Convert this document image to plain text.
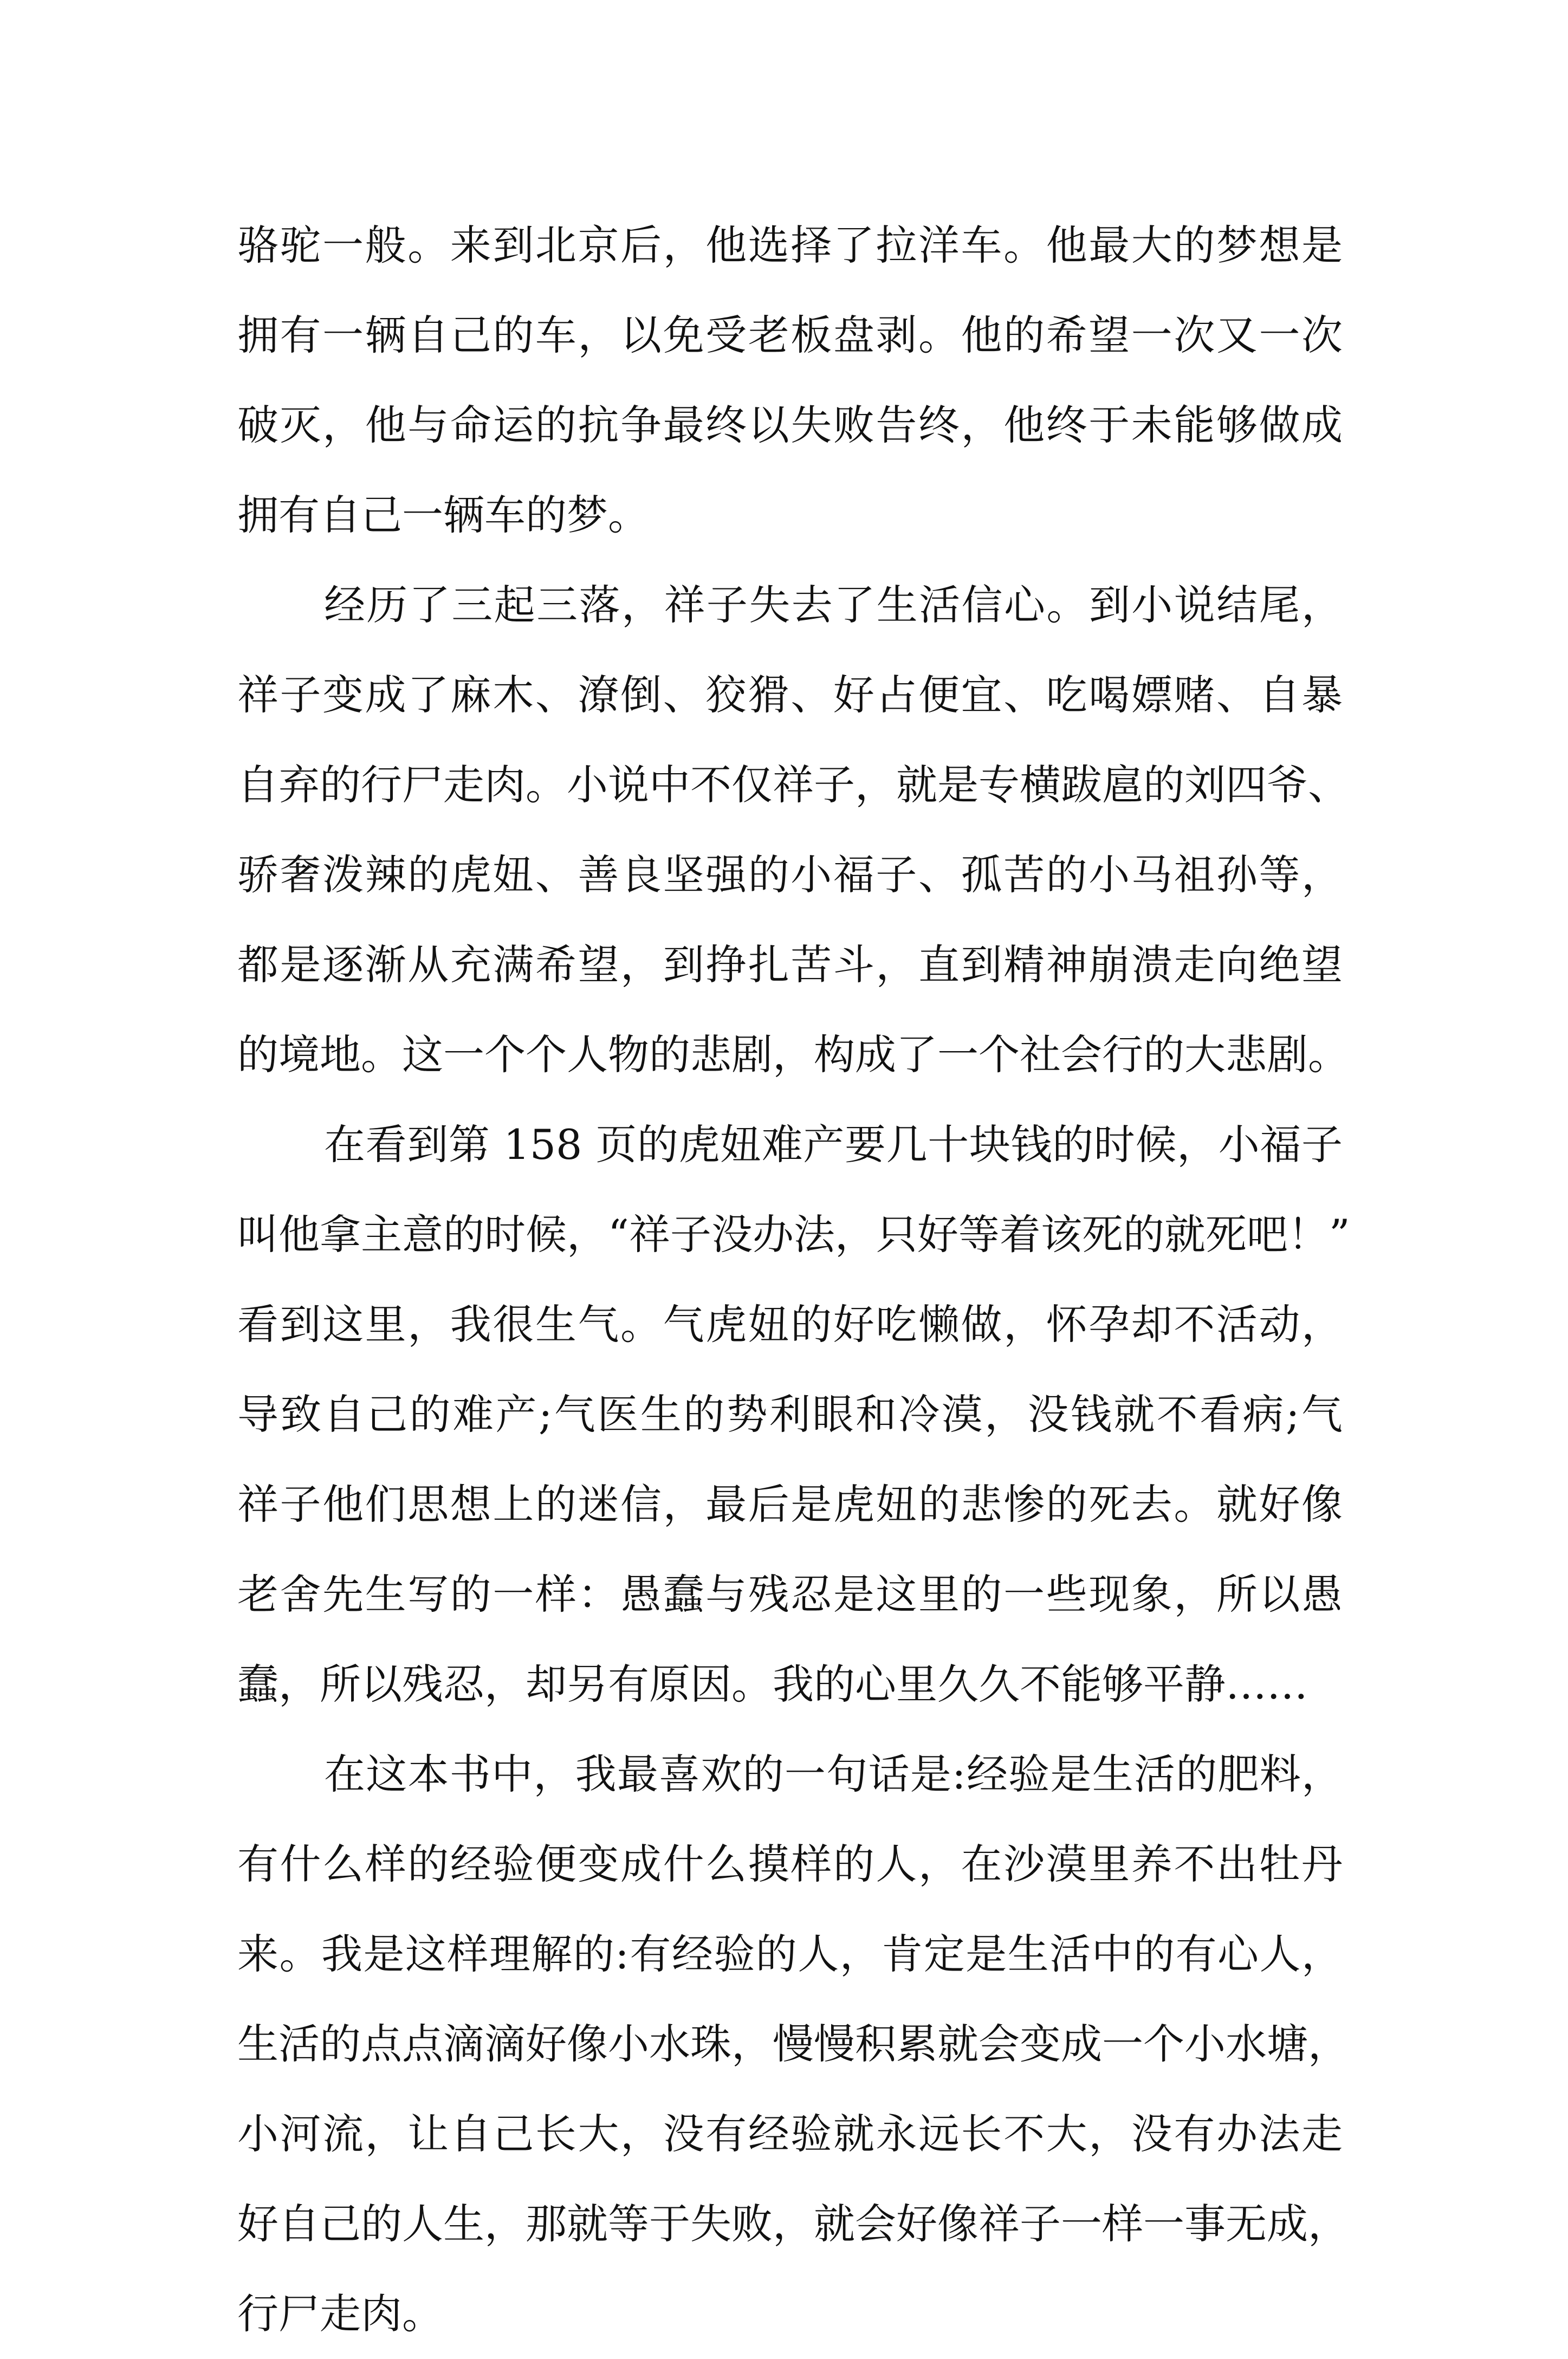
骆驼一般。来到北京后，他选择了拉洋车。他最大的梦想是
拥有一辆自己的车，以免受老板盘剥。他的希望一次又一次
破灭，他与命运的抗争最终以失败告终，他终于未能够做成
拥有自己一辆车的梦。
经历了三起三落，祥子失去了生活信心。到小说结尾，
祥子变成了麻木、潦倒、狡猾、好占便宜、吃喝嫖赌、自暴
自弃的行尸走肉。小说中不仅祥子，就是专横跋扈的刘四爷、
骄奢泼辣的虎妞、善良坚强的小福子、孤苦的小马祖孙等，
都是逐渐从充满希望，到挣扎苦斗，直到精神崩溃走向绝望
的境地。这一个个人物的悲剧，构成了一个社会行的大悲剧。
在看到第 158 页的虎妞难产要几十块钱的时候，小福子
叫他拿主意的时候，“祥子没办法，只好等着该死的就死吧！”
看到这里，我很生气。气虎妞的好吃懒做，怀孕却不活动，
导致自己的难产;气医生的势利眼和冷漠，没钱就不看病;气
祥子他们思想上的迷信，最后是虎妞的悲惨的死去。就好像
老舍先生写的一样：愚蠢与残忍是这里的一些现象，所以愚
蠢，所以残忍，却另有原因。我的心里久久不能够平静……
在这本书中，我最喜欢的一句话是:经验是生活的肥料，
有什么样的经验便变成什么摸样的人，在沙漠里养不出牡丹
来。我是这样理解的:有经验的人，肯定是生活中的有心人，
生活的点点滴滴好像小水珠，慢慢积累就会变成一个小水塘，
小河流，让自己长大，没有经验就永远长不大，没有办法走
好自己的人生，那就等于失败，就会好像祥子一样一事无成，
行尸走肉。
